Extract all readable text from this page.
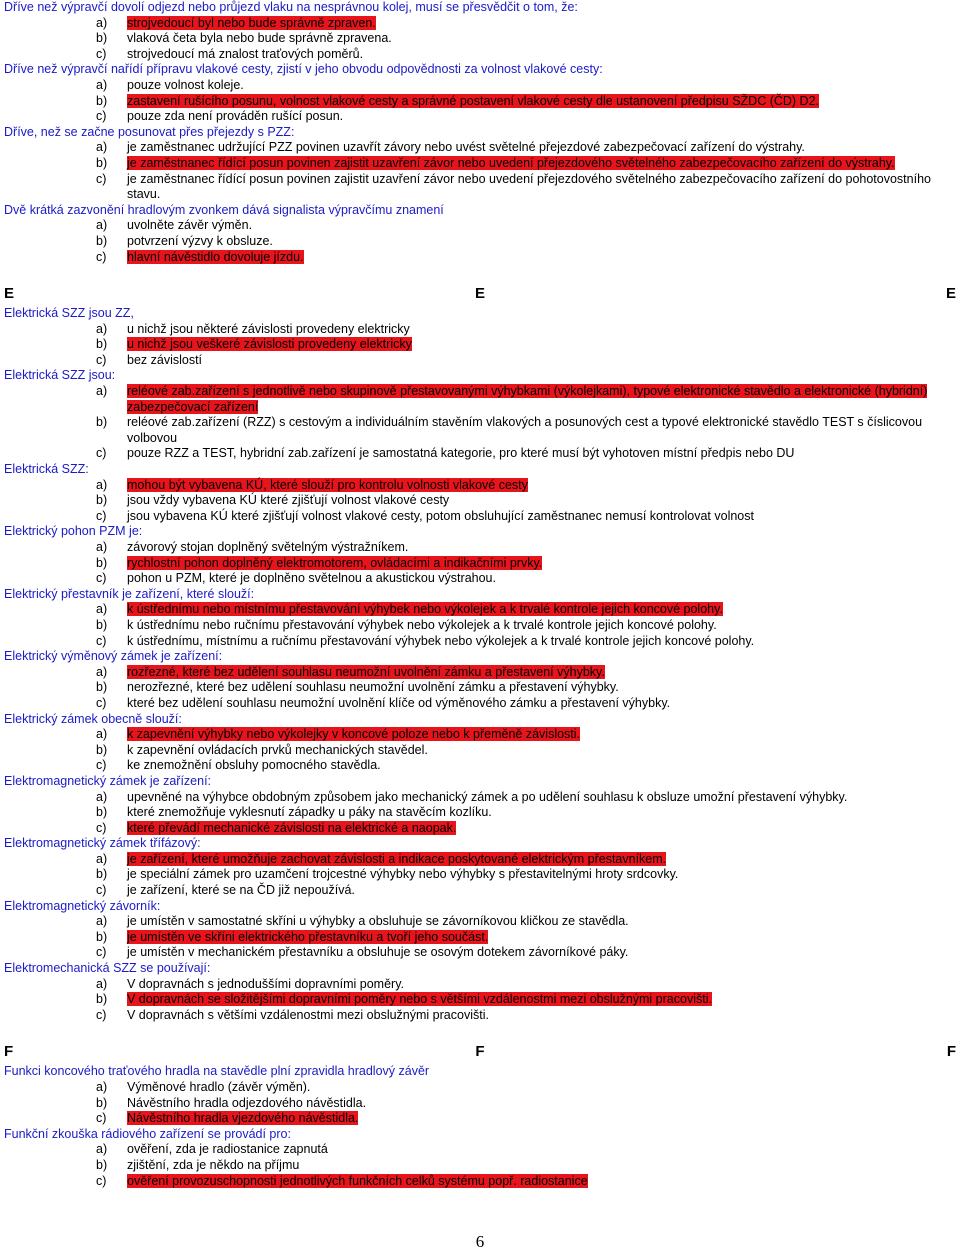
Dříve než výpravčí dovolí odjezd nebo průjezd vlaku na nesprávnou kolej, musí se přesvědčit o tom, že:
a) strojvedoucí byl nebo bude správně zpraven.
b) vlaková četa byla nebo bude správně zpravena.
c) strojvedoucí má znalost traťových poměrů.
Dříve než výpravčí nařídí přípravu vlakové cesty, zjistí v jeho obvodu odpovědnosti za volnost vlakové cesty:
a) pouze volnost koleje.
b) zastavení rušícího posunu, volnost vlakové cesty a správné postavení vlakové cesty dle ustanovení předpisu SŽDC (ČD) D2.
c) pouze zda není prováděn rušící posun.
Dříve, než se začne posunovat přes přejezdy s PZZ:
a) je zaměstnanec udržující PZZ povinen uzavřít závory nebo uvést světelné přejezdové zabezpečovací zařízení do výstrahy.
b) je zaměstnanec řídící posun povinen zajistit uzavření závor nebo uvedení přejezdového světelného zabezpečovacího zařízení do výstrahy.
c) je zaměstnanec řídící posun povinen zajistit uzavření závor nebo uvedení přejezdového světelného zabezpečovacího zařízení do pohotovostního stavu.
Dvě krátká zazvonění hradlovým zvonkem dává signalista výpravčímu znamení
a) uvolněte závěr výměn.
b) potvrzení výzvy k obsluze.
c) hlavní návěstidlo dovoluje jízdu.
E	E	E
Elektrická SZZ jsou ZZ,
a) u nichž jsou některé závislosti provedeny elektricky
b) u nichž jsou veškeré závislosti provedeny elektricky
c) bez závislostí
Elektrická SZZ jsou:
a) reléové zab.zařízení s jednotlivě nebo skupinově přestavovanými výhybkami (výkolejkami), typové elektronické stavědlo a elektronické (hybridní) zabezpečovací zařízení
b) reléové zab.zařízení (RZZ) s cestovým a individuálním stavěním vlakových a posunových cest a typové elektronické stavědlo TEST s číslicovou volbovou
c) pouze RZZ a TEST, hybridní zab.zařízení je samostatná kategorie, pro které musí být vyhotoven místní předpis nebo DU
Elektrická SZZ:
a) mohou být vybavena KÚ, které slouží pro kontrolu volnosti vlakové cesty
b) jsou vždy vybavena KÚ které zjišťují volnost vlakové cesty
c) jsou vybavena KÚ které zjišťují volnost vlakové cesty, potom obsluhující zaměstnanec nemusí kontrolovat volnost
Elektrický pohon PZM je:
a) závorový stojan doplněný světelným výstražníkem.
b) rychlostní pohon doplněný elektromotorem, ovládacími a indikačními prvky.
c) pohon u PZM, které je doplněno světelnou a akustickou výstrahou.
Elektrický přestavník je zařízení, které slouží:
a) k ústřednímu nebo místnímu přestavování výhybek nebo výkolejek a k trvalé kontrole jejich koncové polohy.
b) k ústřednímu nebo ručnímu přestavování výhybek nebo výkolejek a k trvalé kontrole jejich koncové polohy.
c) k ústřednímu, místnímu a ručnímu přestavování výhybek nebo výkolejek a k trvalé kontrole jejich koncové polohy.
Elektrický výměnový zámek je zařízení:
a) rozřezné, které bez udělení souhlasu neumožní uvolnění zámku a přestavení výhybky.
b) nerozřezné, které bez udělení souhlasu neumožní uvolnění zámku a přestavení výhybky.
c) které bez udělení souhlasu neumožní uvolnění klíče od výměnového zámku a přestavení výhybky.
Elektrický zámek obecně slouží:
a) k zapevnění výhybky nebo výkolejky v koncové poloze nebo k přeměně závislosti.
b) k zapevnění ovládacích prvků mechanických stavědel.
c) ke znemožnění obsluhy pomocného stavědla.
Elektromagnetický zámek je zařízení:
a) upevněné na výhybce obdobným způsobem jako mechanický zámek a po udělení souhlasu k obsluze umožní přestavení výhybky.
b) které znemožňuje vyklesnutí západky u páky na stavěcím kozlíku.
c) které převádí mechanické závislosti na elektrické a naopak.
Elektromagnetický zámek třífázový:
a) je zařízení, které umožňuje zachovat závislosti a indikace poskytované elektrickým přestavníkem.
b) je speciální zámek pro uzamčení trojcestné výhybky nebo výhybky s přestavitelnými hroty srdcovky.
c) je zařízení, které se na ČD již nepoužívá.
Elektromagnetický závorník:
a) je umístěn v samostatné skříni u výhybky a obsluhuje se závorníkovou kličkou ze stavědla.
b) je umístěn ve skříni elektrického přestavníku a tvoří jeho součást.
c) je umístěn v mechanickém přestavníku a obsluhuje se osovým dotekem závorníkové páky.
Elektromechanická SZZ se používají:
a) V dopravnách s jednoduššími dopravními poměry.
b) V dopravnách se složitějšími dopravními poměry nebo s většími vzdálenostmi mezi obslužnými pracovišti.
c) V dopravnách s většími vzdálenostmi mezi obslužnými pracovišti.
F	F	F
Funkci koncového traťového hradla na stavědle plní zpravidla hradlový závěr
a) Výměnové hradlo (závěr výměn).
b) Návěstního hradla odjezdového návěstidla.
c) Návěstního hradla vjezdového návěstidla.
Funkční zkouška rádiového zařízení se provádí pro:
a) ověření, zda je radiostanice zapnutá
b) zjištění, zda je někdo na příjmu
c) ověření provozuschopnosti jednotlivých funkčních celků systému popř. radiostanice
6
